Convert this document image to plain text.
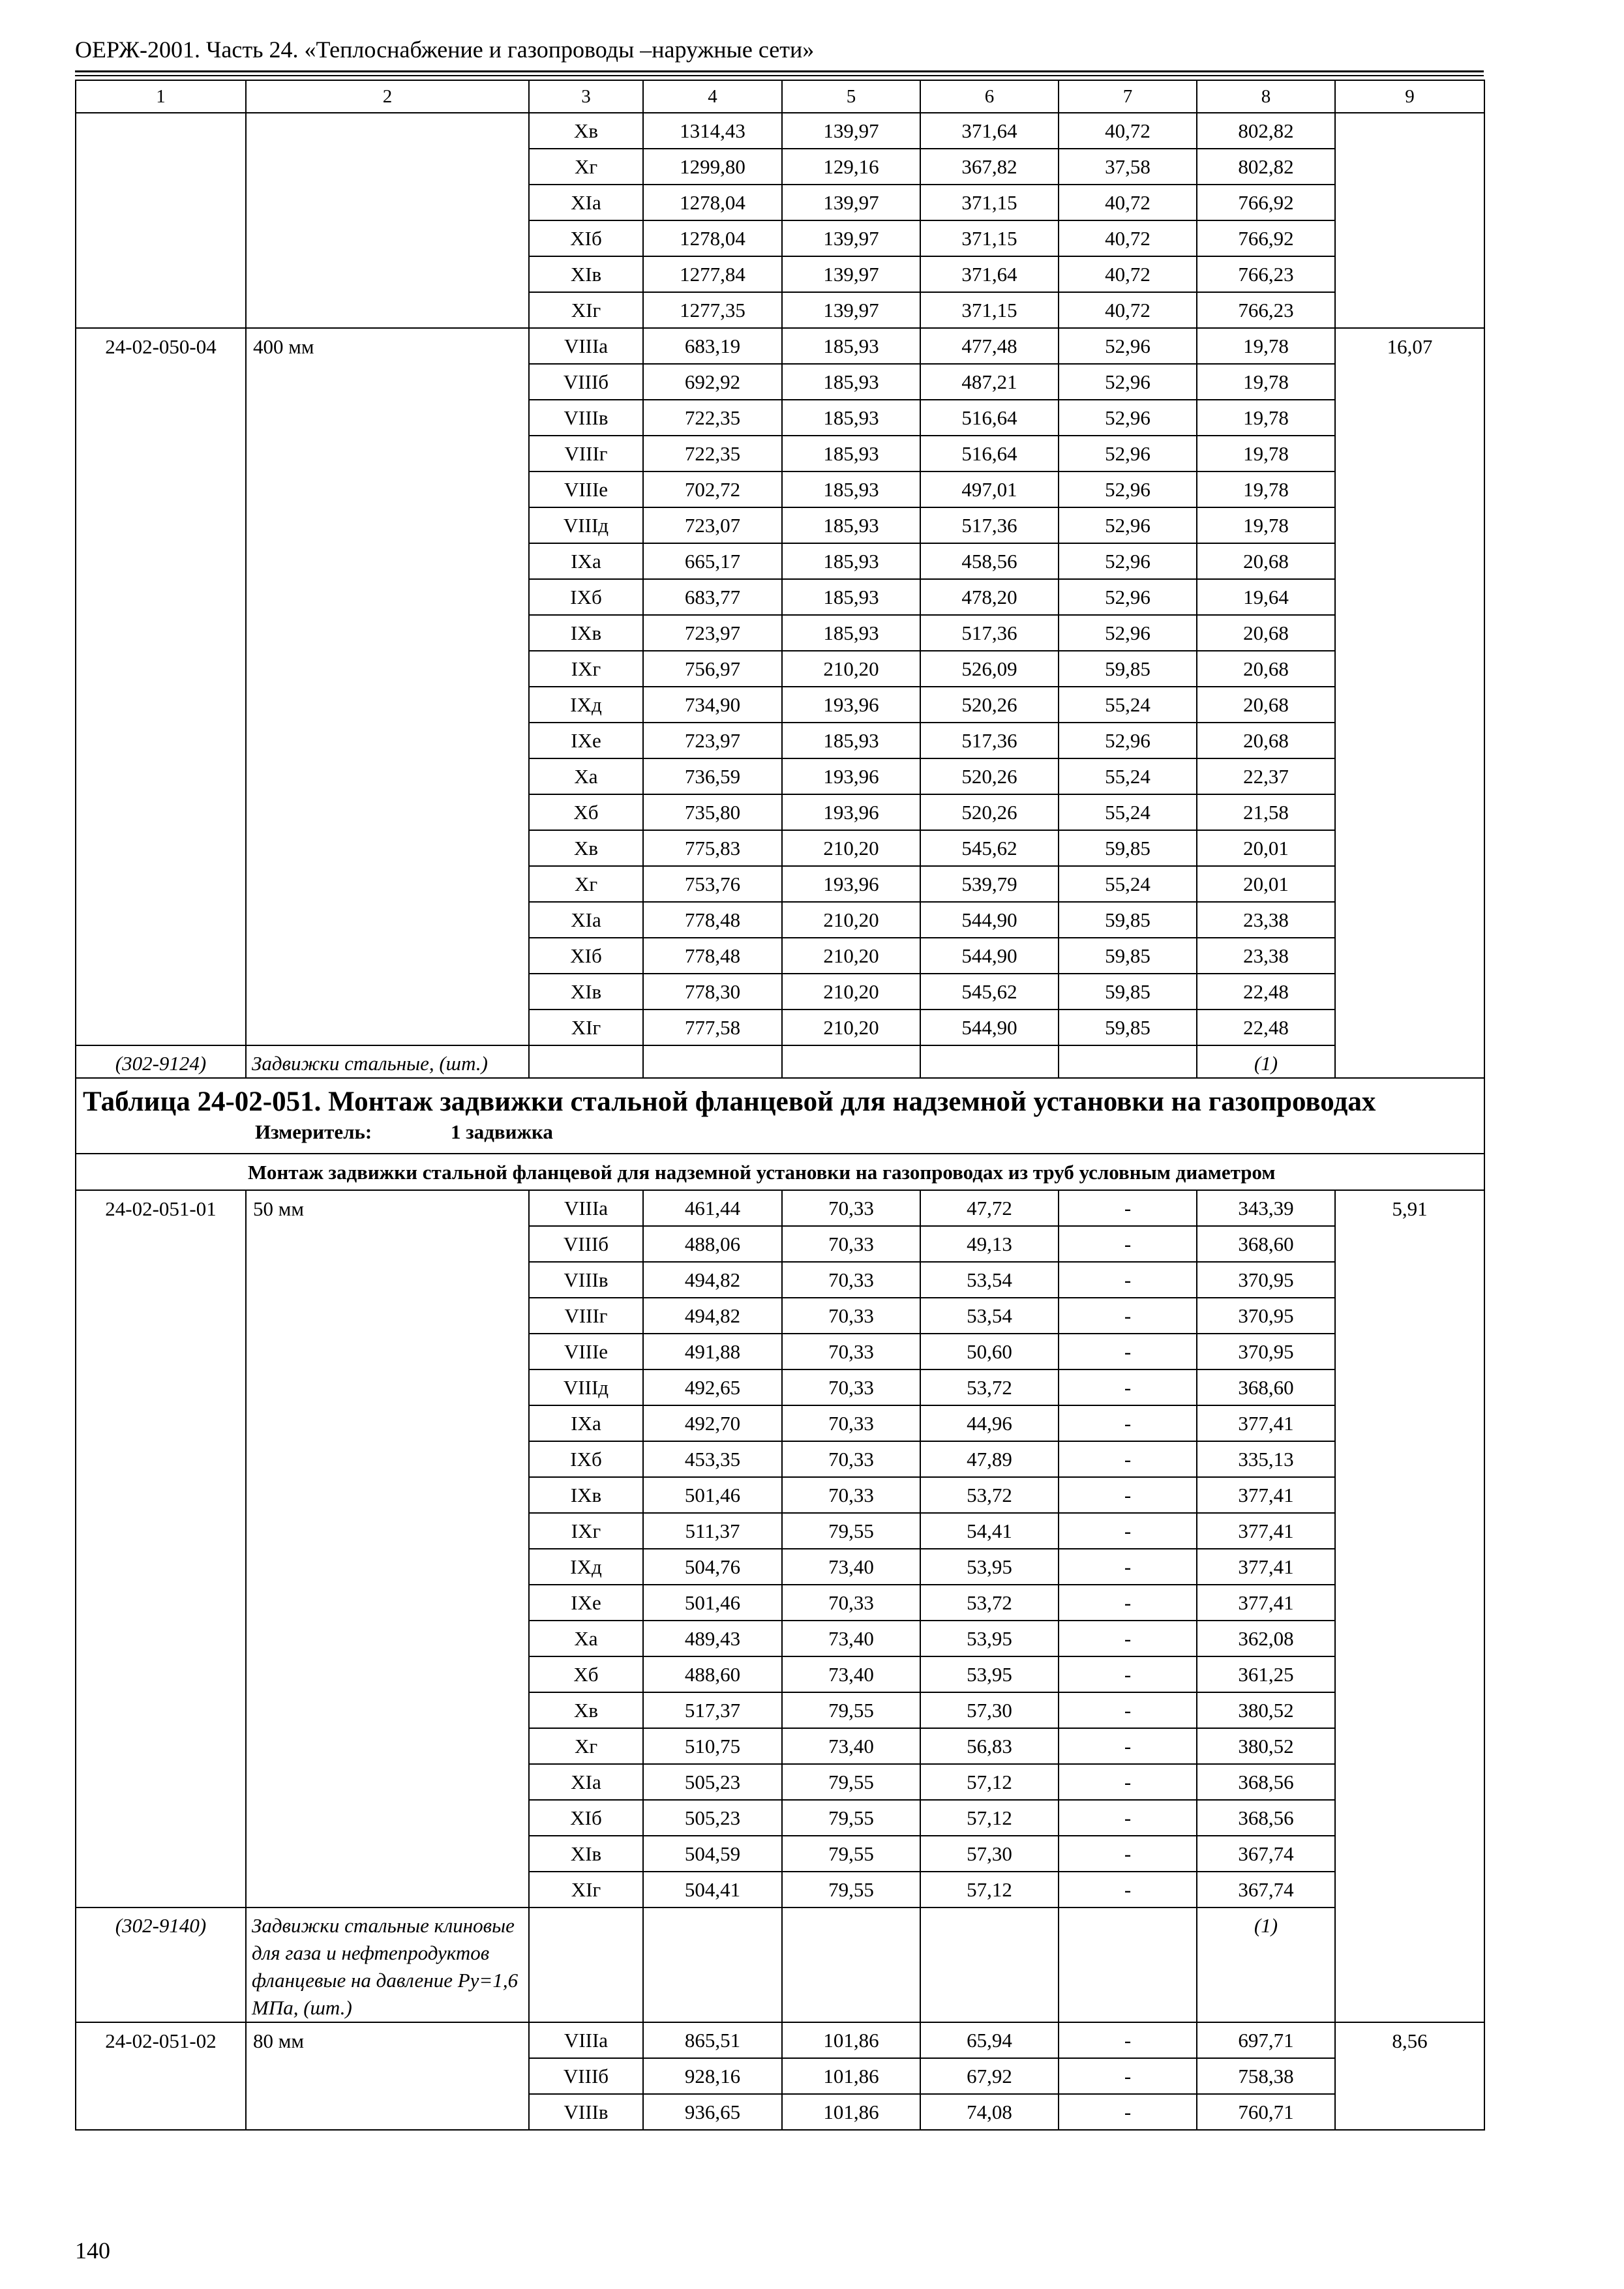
ОЕРЖ-2001. Часть 24. «Теплоснабжение и газопроводы –наружные сети»
1	2	3	4	5	6	7	8	9
		Хв	1314,43	139,97	371,64	40,72	802,82	
		Хг	1299,80	129,16	367,82	37,58	802,82	
		ХIа	1278,04	139,97	371,15	40,72	766,92	
		ХIб	1278,04	139,97	371,15	40,72	766,92	
		ХIв	1277,84	139,97	371,64	40,72	766,23	
		ХIг	1277,35	139,97	371,15	40,72	766,23	
24-02-050-04	400 мм	VIIIа	683,19	185,93	477,48	52,96	19,78	16,07
		VIIIб	692,92	185,93	487,21	52,96	19,78	
		VIIIв	722,35	185,93	516,64	52,96	19,78	
		VIIIг	722,35	185,93	516,64	52,96	19,78	
		VIIIе	702,72	185,93	497,01	52,96	19,78	
		VIIIд	723,07	185,93	517,36	52,96	19,78	
		IХа	665,17	185,93	458,56	52,96	20,68	
		IХб	683,77	185,93	478,20	52,96	19,64	
		IХв	723,97	185,93	517,36	52,96	20,68	
		IХг	756,97	210,20	526,09	59,85	20,68	
		IХд	734,90	193,96	520,26	55,24	20,68	
		IХе	723,97	185,93	517,36	52,96	20,68	
		Ха	736,59	193,96	520,26	55,24	22,37	
		Хб	735,80	193,96	520,26	55,24	21,58	
		Хв	775,83	210,20	545,62	59,85	20,01	
		Хг	753,76	193,96	539,79	55,24	20,01	
		ХIа	778,48	210,20	544,90	59,85	23,38	
		ХIб	778,48	210,20	544,90	59,85	23,38	
		ХIв	778,30	210,20	545,62	59,85	22,48	
		ХIг	777,58	210,20	544,90	59,85	22,48	
(302-9124)	Задвижки стальные, (шт.)						(1)	

Таблица 24-02-051. Монтаж задвижки стальной фланцевой для надземной установки на газопроводах
Измеритель: 1 задвижка								

Монтаж задвижки стальной фланцевой для надземной установки на газопроводах из труб условным диаметром								
24-02-051-01	50 мм	VIIIа	461,44	70,33	47,72	-	343,39	5,91
		VIIIб	488,06	70,33	49,13	-	368,60	
		VIIIв	494,82	70,33	53,54	-	370,95	
		VIIIг	494,82	70,33	53,54	-	370,95	
		VIIIе	491,88	70,33	50,60	-	370,95	
		VIIIд	492,65	70,33	53,72	-	368,60	
		IХа	492,70	70,33	44,96	-	377,41	
		IХб	453,35	70,33	47,89	-	335,13	
		IХв	501,46	70,33	53,72	-	377,41	
		IХг	511,37	79,55	54,41	-	377,41	
		IХд	504,76	73,40	53,95	-	377,41	
		IХе	501,46	70,33	53,72	-	377,41	
		Ха	489,43	73,40	53,95	-	362,08	
		Хб	488,60	73,40	53,95	-	361,25	
		Хв	517,37	79,55	57,30	-	380,52	
		Хг	510,75	73,40	56,83	-	380,52	
		ХIа	505,23	79,55	57,12	-	368,56	
		ХIб	505,23	79,55	57,12	-	368,56	
		ХIв	504,59	79,55	57,30	-	367,74	
		ХIг	504,41	79,55	57,12	-	367,74	
(302-9140)	Задвижки стальные клиновые для газа и нефтепродуктов фланцевые на давление Ру=1,6 МПа, (шт.)						(1)	
24-02-051-02	80 мм	VIIIа	865,51	101,86	65,94	-	697,71	8,56
		VIIIб	928,16	101,86	67,92	-	758,38	
		VIIIв	936,65	101,86	74,08	-	760,71	
140
